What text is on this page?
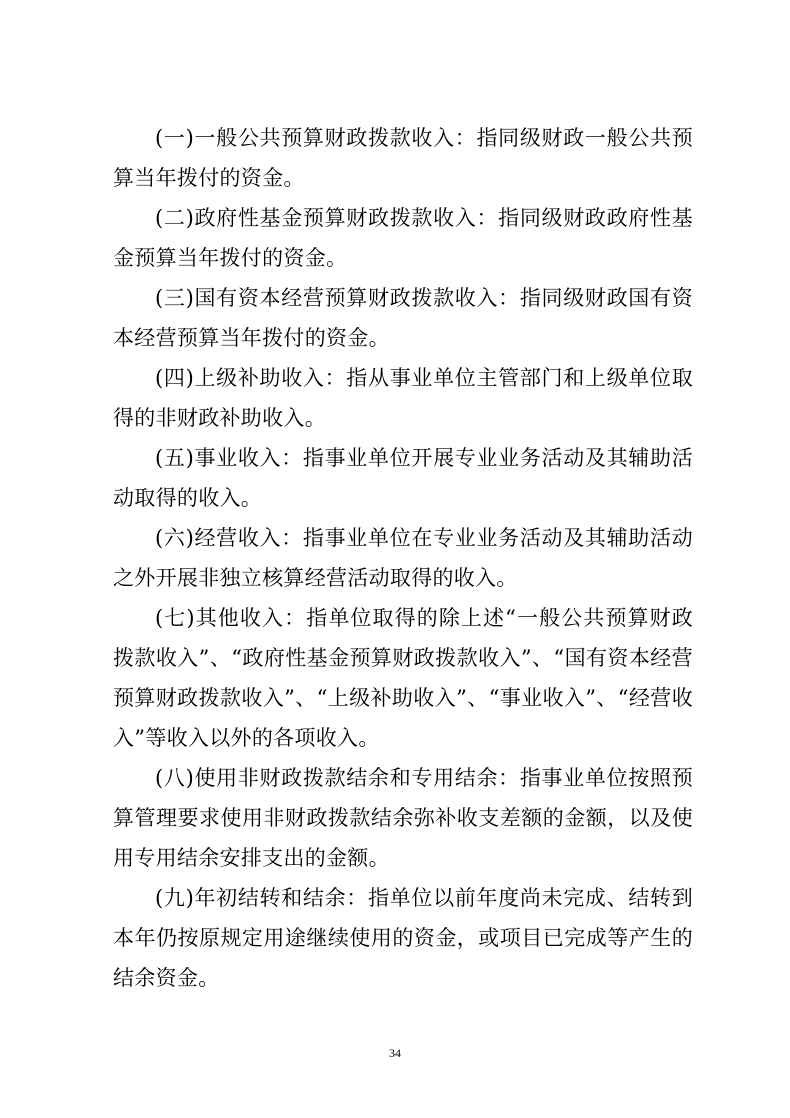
(一)一般公共预算财政拨款收入：指同级财政一般公共预算当年拨付的资金。

(二)政府性基金预算财政拨款收入：指同级财政政府性基金预算当年拨付的资金。

(三)国有资本经营预算财政拨款收入：指同级财政国有资本经营预算当年拨付的资金。

(四)上级补助收入：指从事业单位主管部门和上级单位取得的非财政补助收入。

(五)事业收入：指事业单位开展专业业务活动及其辅助活动取得的收入。

(六)经营收入：指事业单位在专业业务活动及其辅助活动之外开展非独立核算经营活动取得的收入。

(七)其他收入：指单位取得的除上述“一般公共预算财政拨款收入”、“政府性基金预算财政拨款收入”、“国有资本经营预算财政拨款收入”、“上级补助收入”、“事业收入”、“经营收入”等收入以外的各项收入。

(八)使用非财政拨款结余和专用结余：指事业单位按照预算管理要求使用非财政拨款结余弥补收支差额的金额，以及使用专用结余安排支出的金额。

(九)年初结转和结余：指单位以前年度尚未完成、结转到本年仍按原规定用途继续使用的资金，或项目已完成等产生的结余资金。

34
